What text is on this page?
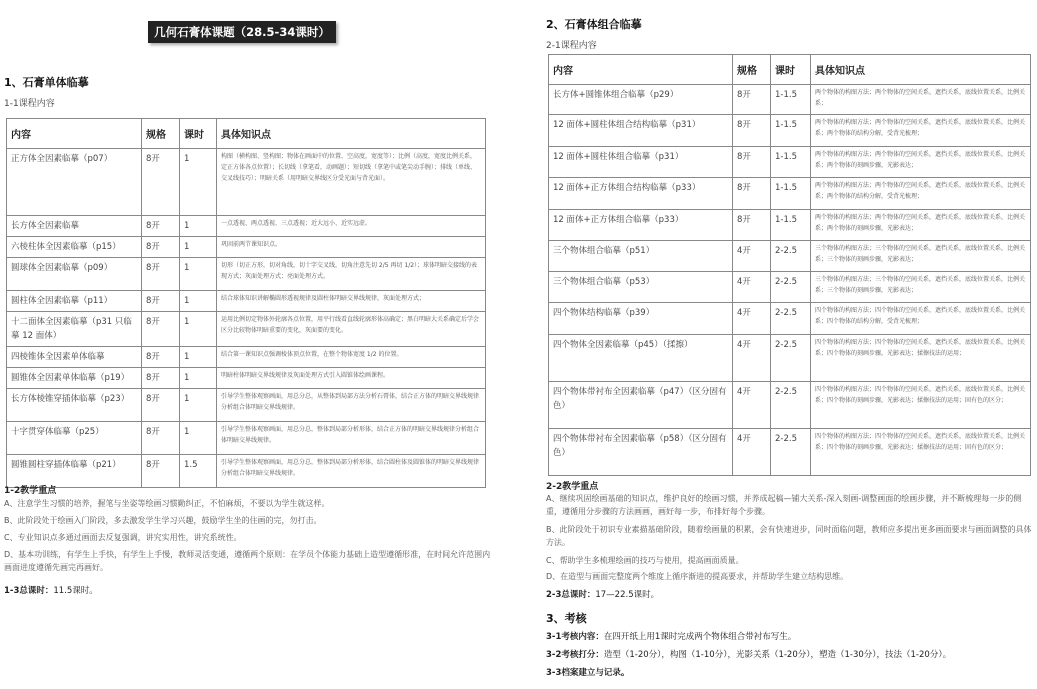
几何石膏体课题（28.5-34课时）
1、石膏单体临摹
1-1课程内容
内容	规格	课时	具体知识点
正方体全因素临摹（p07）	8开	1	构图（横构图、竖构图；物体在画面中的位置、空高度，宽度等）；比例（高度，宽度比例关系，定正方体各点位置）；长切线（拿笔看，动画题）；短切线（拿笔中或笔尖动手腕）；排线（单线、交叉线技巧）；明暗关系（用明暗交界线区分受光面与背光面）。
长方体全因素临摹	8开	1	一点透视、两点透视、三点透视；近大远小、近实远虚。
六棱柱体全因素临摹（p15）	8开	1	巩固前两节课知识点。
圆球体全因素临摹（p09）	8开	1	切形（切正方形，切对角线，切十字交叉线，切角注意先切 2/5 再切 1/2）；球体明暗交接线的表现方式；灰面处理方式；亮面处理方式。
圆柱体全因素临摹（p11）	8开	1	结合球体知识讲解椭圆形透视规律及圆柱体明暗交界线规律，灰面处理方式；
十二面体全因素临摹（p31 只临摹 12 面体）	8开	1	运用比例切定物体外轮廓各点位置，用平行线看直线轮廓形体高确定；黑白明暗大关系确定后学会区分比较物体明暗重要的变化，灰面要的变化。
四棱锥体全因素单体临摹	8开	1	结合第一课知识点强调棱体顶点位置，在整个物体宽度 1/2 的位置。
圆锥体全因素单体临摹（p19）	8开	1	明暗柱体明暗交界线规律及灰面处理方式引入圆锥体绘画课程。
长方体棱锥穿插体临摹（p23）	8开	1	引导学生整体观察画面，用总分总，从整体到局部方法分析石膏体，结合正方体的明暗交界线规律分析组合体明暗交界线规律。
十字贯穿体临摹（p25）	8开	1	引导学生整体观察画面，用总分总，整体到局部分析形体，结合正方体的明暗交界线规律分析组合体明暗交界线规律。
圆锥圆柱穿插体临摹（p21）	8开	1.5	引导学生整体观察画面，用总分总，整体到局部分析形体，结合圆柱体及圆锥体的明暗交界线规律分析组合体明暗交界线规律。
1-2教学重点
A、注意学生习惯的培养，握笔与坐姿等绘画习惯勤纠正，不怕麻烦，不要以为学生就这样。
B、此阶段处于绘画入门阶段，多去激发学生学习兴趣，鼓励学生坐的住画的完，勿打击。
C、专业知识点多通过画面去反复强调，讲究实用性，讲究系统性。
D、基本功训练，有学生上手快，有学生上手慢，教师灵活变通，遵循两个原则：在学员个体能力基础上造型遵循形准，在时间允许范围内画面进度遵循先画完再画好。
1-3总课时：11.5课时。
2、石膏体组合临摹
2-1课程内容
内容	规格	课时	具体知识点
长方体+圆锥体组合临摹（p29）	8开	1-1.5	两个物体的构图方法；两个物体的空间关系，遮挡关系，底线位置关系，比例关系；
12 面体+圆柱体组合结构临摹（p31）	8开	1-1.5	两个物体的构图方法；两个物体的空间关系，遮挡关系，底线位置关系，比例关系；两个物体的结构分解，受背光梳理；
12 面体+圆柱体组合临摹（p31）	8开	1-1.5	两个物体的构图方法；两个物体的空间关系，遮挡关系，底线位置关系，比例关系；两个物体的刻画步骤，光影表达；
12 面体+正方体组合结构临摹（p33）	8开	1-1.5	两个物体的构图方法；两个物体的空间关系，遮挡关系，底线位置关系，比例关系；两个物体的结构分解，受背光梳理；
12 面体+正方体组合临摹（p33）	8开	1-1.5	两个物体的构图方法；两个物体的空间关系，遮挡关系，底线位置关系，比例关系；两个物体的刻画步骤，光影表达；
三个物体组合临摹（p51）	4开	2-2.5	三个物体的构图方法；三个物体的空间关系，遮挡关系，底线位置关系，比例关系；三个物体的刻画步骤，光影表达；
三个物体组合临摹（p53）	4开	2-2.5	三个物体的构图方法；三个物体的空间关系，遮挡关系，底线位置关系，比例关系；三个物体的刻画步骤，光影表达；
四个物体结构临摹（p39）	4开	2-2.5	四个物体的构图方法；四个物体的空间关系，遮挡关系，底线位置关系，比例关系；四个物体的结构分解，受背光梳理；
四个物体全因素临摹（p45）（揉擦）	4开	2-2.5	四个物体的构图方法；四个物体的空间关系，遮挡关系，底线位置关系，比例关系；四个物体的刻画步骤，光影表达；揉擦技法的运用；
四个物体带衬布全因素临摹（p47）（区分固有色）	4开	2-2.5	四个物体的构图方法；四个物体的空间关系，遮挡关系，底线位置关系，比例关系；四个物体的刻画步骤，光影表达；揉擦技法的运用；固有色的区分；
四个物体带衬布全因素临摹（p58）（区分固有色）	4开	2-2.5	四个物体的构图方法；四个物体的空间关系，遮挡关系，底线位置关系，比例关系；四个物体的刻画步骤，光影表达；揉擦技法的运用；固有色的区分；
2-2教学重点
A、继续巩固绘画基础的知识点，维护良好的绘画习惯，并养成起稿—铺大关系-深入刻画-调整画面的绘画步骤，并不断梳理每一步的侧重，遵循用分步骤的方法画画，画好每一步，布排好每个步骤。
B、此阶段处于初识专业素描基础阶段，随着绘画量的积累，会有快速进步，同时面临问题，教师应多提出更多画面要求与画面调整的具体方法。
C、帮助学生多梳理绘画的技巧与使用，提高画面质量。
D、在造型与画面完整度两个维度上循序渐进的提高要求，并帮助学生建立结构思维。
2-3总课时：17—22.5课时。
3、考核
3-1考核内容：在四开纸上用1课时完成两个物体组合带衬布写生。
3-2考核打分：造型（1-20分），构图（1-10分），光影关系（1-20分），塑造（1-30分），技法（1-20分）。
3-3档案建立与记录。
